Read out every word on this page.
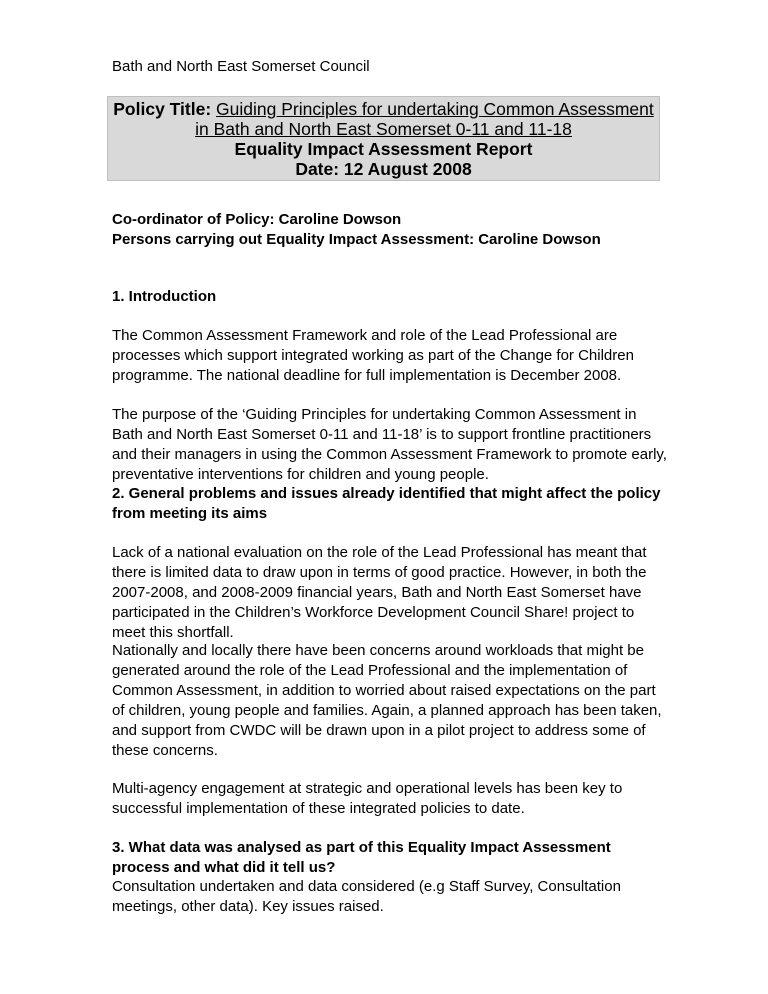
Bath and North East Somerset Council
Policy Title: Guiding Principles for undertaking Common Assessment
in Bath and North East Somerset 0-11 and 11-18
Equality Impact Assessment Report
Date: 12 August 2008
Co-ordinator of Policy: Caroline Dowson
Persons carrying out Equality Impact Assessment: Caroline Dowson
1. Introduction

The Common Assessment Framework and role of the Lead Professional are processes which support integrated working as part of the Change for Children programme. The national deadline for full implementation is December 2008.

The purpose of the ‘Guiding Principles for undertaking Common Assessment in Bath and North East Somerset 0-11 and 11-18’ is to support frontline practitioners and their managers in using the Common Assessment Framework to promote early, preventative interventions for children and young people.

2. General problems and issues already identified that might affect the policy from meeting its aims

Lack of a national evaluation on the role of the Lead Professional has meant that there is limited data to draw upon in terms of good practice. However, in both the 2007-2008, and 2008-2009 financial years, Bath and North East Somerset have participated in the Children’s Workforce Development Council Share! project to meet this shortfall.

Nationally and locally there have been concerns around workloads that might be generated around the role of the Lead Professional and the implementation of Common Assessment, in addition to worried about raised expectations on the part of children, young people and families. Again, a planned approach has been taken, and support from CWDC will be drawn upon in a pilot project to address some of these concerns.

Multi-agency engagement at strategic and operational levels has been key to successful implementation of these integrated policies to date.

3. What data was analysed as part of this Equality Impact Assessment process and what did it tell us?

Consultation undertaken and data considered (e.g Staff Survey, Consultation meetings, other data). Key issues raised.
